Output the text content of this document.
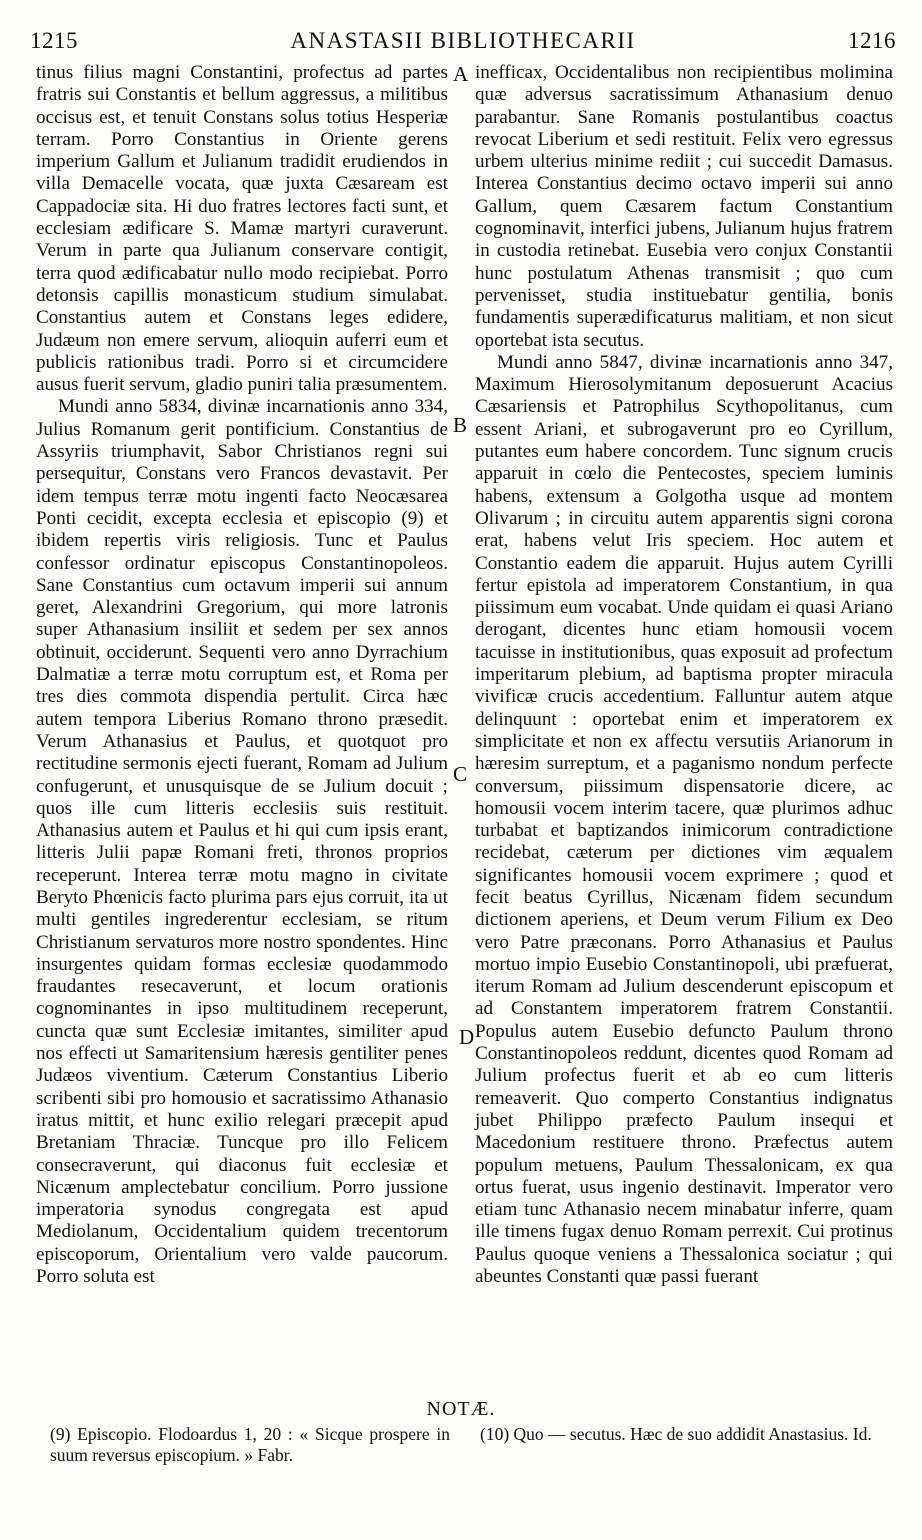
1215	ANASTASII BIBLIOTHECARII	1216

tinus filius magni Constantini, profectus ad partes fratris sui Constantis et bellum aggressus, a militibus occisus est, et tenuit Constans solus totius Hesperiæ terram. Porro Constantius in Oriente gerens imperium Gallum et Julianum tradidit erudiendos in villa Demacelle vocata, quæ juxta Cæsaream est Cappadociæ sita. Hi duo fratres lectores facti sunt, et ecclesiam ædificare S. Mamæ martyri curaverunt. Verum in parte qua Julianum conservare contigit, terra quod ædificabatur nullo modo recipiebat. Porro detonsis capillis monasticum studium simulabat. Constantius autem et Constans leges edidere, Judæum non emere servum, alioquin auferri eum et publicis rationibus tradi. Porro si et circumcidere ausus fuerit servum, gladio puniri talia præsumentem.

Mundi anno 5834, divinæ incarnationis anno 334, Julius Romanum gerit pontificium. Constantius de Assyriis triumphavit, Sabor Christianos regni sui persequitur, Constans vero Francos devastavit. Per idem tempus terræ motu ingenti facto Neocæsarea Ponti cecidit, excepta ecclesia et episcopio (9) et ibidem repertis viris religiosis. Tunc et Paulus confessor ordinatur episcopus Constantinopoleos. Sane Constantius cum octavum imperii sui annum geret, Alexandrini Gregorium, qui more latronis super Athanasium insiliit et sedem per sex annos obtinuit, occiderunt. Sequenti vero anno Dyrrachium Dalmatiæ a terræ motu corruptum est, et Roma per tres dies commota dispendia pertulit. Circa hæc autem tempora Liberius Romano throno præsedit. Verum Athanasius et Paulus, et quotquot pro rectitudine sermonis ejecti fuerant, Romam ad Julium confugerunt, et unusquisque de se Julium docuit ; quos ille cum litteris ecclesiis suis restituit. Athanasius autem et Paulus et hi qui cum ipsis erant, litteris Julii papæ Romani freti, thronos proprios receperunt. Interea terræ motu magno in civitate Beryto Phœnicis facto plurima pars ejus corruit, ita ut multi gentiles ingrederentur ecclesiam, se ritum Christianum servaturos more nostro spondentes. Hinc insurgentes quidam formas ecclesiæ quodammodo fraudantes resecaverunt, et locum orationis cognominantes in ipso multitudinem receperunt, cuncta quæ sunt Ecclesiæ imitantes, similiter apud nos effecti ut Samaritensium hæresis gentiliter penes Judæos viventium. Cæterum Constantius Liberio scribenti sibi pro homousio et sacratissimo Athanasio iratus mittit, et hunc exilio relegari præcepit apud Bretaniam Thraciæ. Tuncque pro illo Felicem consecraverunt, qui diaconus fuit ecclesiæ et Nicænum amplectebatur concilium. Porro jussione imperatoria synodus congregata est apud Mediolanum, Occidentalium quidem trecentorum episcoporum, Orientalium vero valde paucorum. Porro soluta est

A
B
C
D

inefficax, Occidentalibus non recipientibus molimina quæ adversus sacratissimum Athanasium denuo parabantur. Sane Romanis postulantibus coactus revocat Liberium et sedi restituit. Felix vero egressus urbem ulterius minime rediit ; cui succedit Damasus. Interea Constantius decimo octavo imperii sui anno Gallum, quem Cæsarem factum Constantium cognominavit, interfici jubens, Julianum hujus fratrem in custodia retinebat. Eusebia vero conjux Constantii hunc postulatum Athenas transmisit ; quo cum pervenisset, studia instituebatur gentilia, bonis fundamentis superædificaturus malitiam, et non sicut oportebat ista secutus.

Mundi anno 5847, divinæ incarnationis anno 347, Maximum Hierosolymitanum deposuerunt Acacius Cæsariensis et Patrophilus Scythopolitanus, cum essent Ariani, et subrogaverunt pro eo Cyrillum, putantes eum habere concordem. Tunc signum crucis apparuit in cœlo die Pentecostes, speciem luminis habens, extensum a Golgotha usque ad montem Olivarum ; in circuitu autem apparentis signi corona erat, habens velut Iris speciem. Hoc autem et Constantio eadem die apparuit. Hujus autem Cyrilli fertur epistola ad imperatorem Constantium, in qua piissimum eum vocabat. Unde quidam ei quasi Ariano derogant, dicentes hunc etiam homousii vocem tacuisse in institutionibus, quas exposuit ad profectum imperitarum plebium, ad baptisma propter miracula vivificæ crucis accedentium. Falluntur autem atque delinquunt : oportebat enim et imperatorem ex simplicitate et non ex affectu versutiis Arianorum in hæresim surreptum, et a paganismo nondum perfecte conversum, piissimum dispensatorie dicere, ac homousii vocem interim tacere, quæ plurimos adhuc turbabat et baptizandos inimicorum contradictione recidebat, cæterum per dictiones vim æqualem significantes homousii vocem exprimere ; quod et fecit beatus Cyrillus, Nicænam fidem secundum dictionem aperiens, et Deum verum Filium ex Deo vero Patre præconans. Porro Athanasius et Paulus mortuo impio Eusebio Constantinopoli, ubi præfuerat, iterum Romam ad Julium descenderunt episcopum et ad Constantem imperatorem fratrem Constantii. Populus autem Eusebio defuncto Paulum throno Constantinopoleos reddunt, dicentes quod Romam ad Julium profectus fuerit et ab eo cum litteris remeaverit. Quo comperto Constantius indignatus jubet Philippo præfecto Paulum insequi et Macedonium restituere throno. Præfectus autem populum metuens, Paulum Thessalonicam, ex qua ortus fuerat, usus ingenio destinavit. Imperator vero etiam tunc Athanasio necem minabatur inferre, quam ille timens fugax denuo Romam perrexit. Cui protinus Paulus quoque veniens a Thessalonica sociatur ; qui abeuntes Constanti quæ passi fuerant

NOTÆ.
(9) Episcopio. Flodoardus 1, 20 : « Sicque prospere in suum reversus episcopium. » Fabr.
(10) Quo — secutus. Hæc de suo addidit Anastasius. Id.
